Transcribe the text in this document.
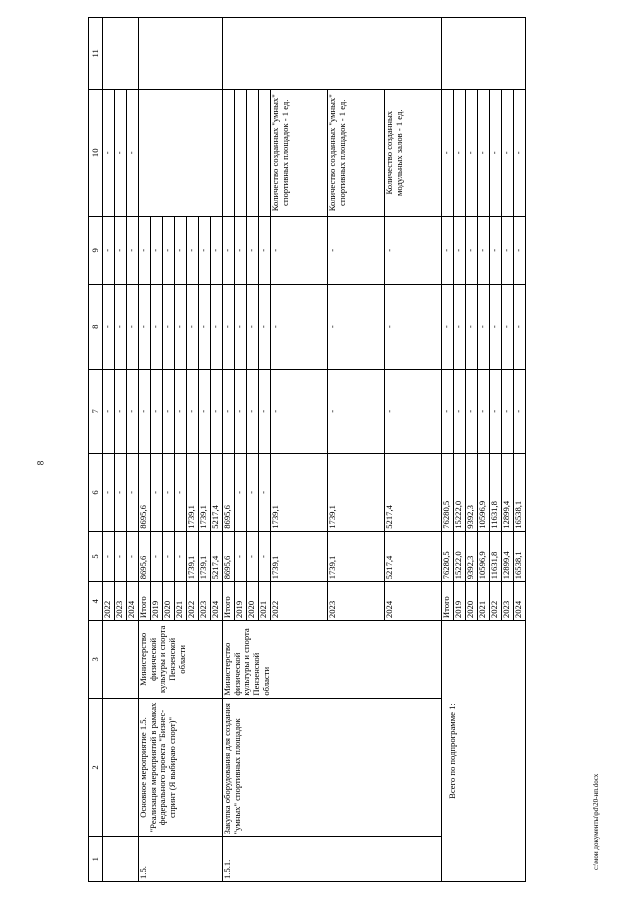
8
c:\мои документы\pd\20-нп.docx
1	2	3	4	5	6	7	8	9	10	11
			2022	-	-	-	-	-	-	
			2023	-	-	-	-	-	-	
			2024	-	-	-	-	-	-	
1.5.	Основное мероприятие 1.5. "Реализация мероприятий в рамках федерального проекта "Бизнес-спринт (Я выбираю спорт)"	Министерство физической культуры и спорта Пензенской области	Итого	8695,6	8695,6	-	-	-		
			2019	-	-	-	-	-		
			2020	-	-	-	-	-		
			2021	-	-	-	-	-		
			2022	1739,1	1739,1	-	-	-		
			2023	1739,1	1739,1	-	-	-		
			2024	5217,4	5217,4	-	-	-		
1.5.1.	Закупка оборудования для создания "умных" спортивных площадок	Министерство физической культуры и спорта Пензенской области	Итого	8695,6	8695,6	-	-	-		
			2019	-	-	-	-	-		
			2020	-	-	-	-	-		
			2021	-	-	-	-	-		
			2022	1739,1	1739,1	-	-	-	Количество созданных "умных" спортивных площадок - 1 ед.	
			2023	1739,1	1739,1	-	-	-	Количество созданных "умных" спортивных площадок - 1 ед.	
			2024	5217,4	5217,4	-	-	-	Количество созданных модульных залов - 1 ед.	
Всего по подпрограмме 1:			Итого	76280,5	76280,5	-	-	-	-	
			2019	15222,0	15222,0	-	-	-	-	
			2020	9392,3	9392,3	-	-	-	-	
			2021	10596,9	10596,9	-	-	-	-	
			2022	11631,8	11631,8	-	-	-	-	
			2023	12899,4	12899,4	-	-	-	-	
			2024	16538,1	16538,1	-	-	-	-	
